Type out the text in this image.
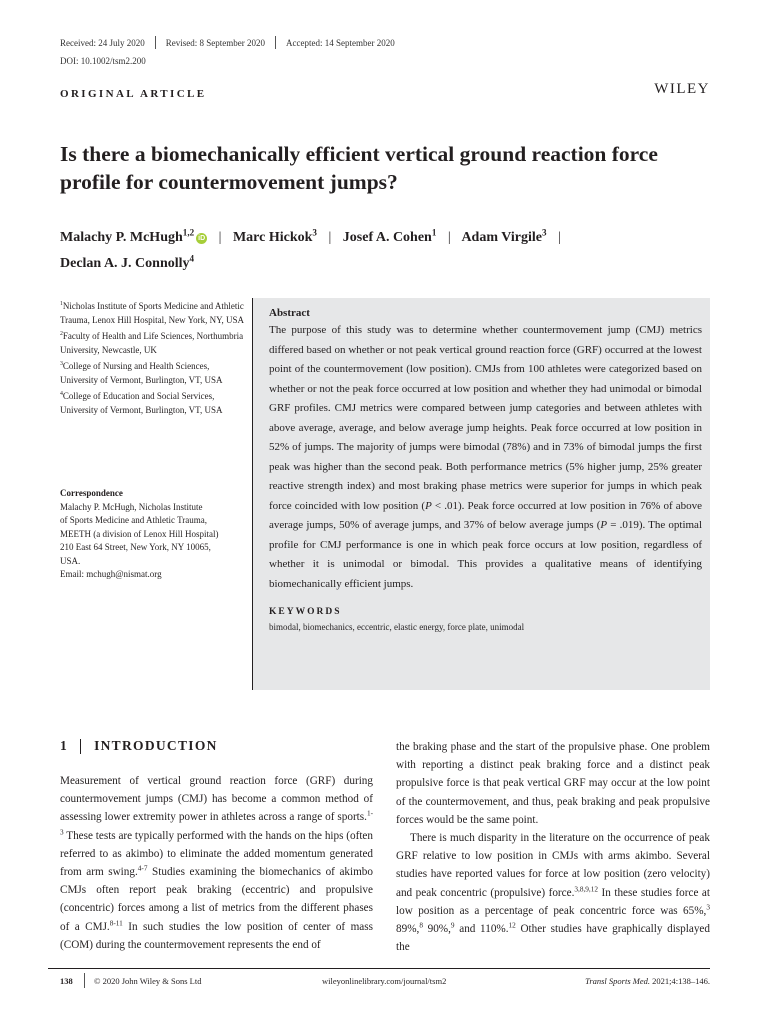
Received: 24 July 2020 Revised: 8 September 2020 Accepted: 14 September 2020
DOI: 10.1002/tsm2.200
ORIGINAL ARTICLE	WILEY
Is there a biomechanically efficient vertical ground reaction force profile for countermovement jumps?
Malachy P. McHugh$^{1,2}$iD | Marc Hickok$^3$ | Josef A. Cohen$^1$ | Adam Virgile$^3$ |
Declan A. J. Connolly$^4$
$^1$Nicholas Institute of Sports Medicine and Athletic Trauma, Lenox Hill Hospital, New York, NY, USA
$^2$Faculty of Health and Life Sciences, Northumbria University, Newcastle, UK
$^3$College of Nursing and Health Sciences, University of Vermont, Burlington, VT, USA
$^4$College of Education and Social Services, University of Vermont, Burlington, VT, USA
Correspondence
Malachy P. McHugh, Nicholas Institute
of Sports Medicine and Athletic Trauma,
MEETH (a division of Lenox Hill Hospital)
210 East 64 Street, New York, NY 10065,
USA.
Email: mchugh@nismat.org
Abstract
The purpose of this study was to determine whether countermovement jump (CMJ) metrics differed based on whether or not peak vertical ground reaction force (GRF) occurred at the lowest point of the countermovement (low position). CMJs from 100 athletes were categorized based on whether or not the peak force occurred at low position and whether they had unimodal or bimodal GRF profiles. CMJ metrics were compared between jump categories and between athletes with above average, average, and below average jump heights. Peak force occurred at low position in 52% of jumps. The majority of jumps were bimodal (78%) and in 73% of bimodal jumps the first peak was higher than the second peak. Both performance metrics (5% higher jump, 25% greater reactive strength index) and most braking phase metrics were superior for jumps in which peak force coincided with low position (P < .01). Peak force occurred at low position in 76% of above average jumps, 50% of average jumps, and 37% of below average jumps (P = .019). The optimal profile for CMJ performance is one in which peak force occurs at low position, regardless of whether it is unimodal or bimodal. This provides a qualitative means of identifying biomechanically efficient jumps.
KEYWORDS
bimodal, biomechanics, eccentric, elastic energy, force plate, unimodal
1 INTRODUCTION

Measurement of vertical ground reaction force (GRF) during countermovement jumps (CMJ) has become a common method of assessing lower extremity power in athletes across a range of sports.$^{1-3}$ These tests are typically performed with the hands on the hips (often referred to as akimbo) to eliminate the added momentum generated from arm swing.$^{4-7}$ Studies examining the biomechanics of akimbo CMJs often report peak braking (eccentric) and propulsive (concentric) forces among a list of metrics from the different phases of a CMJ.$^{8-11}$ In such studies the low position of center of mass (COM) during the countermovement represents the end of

the braking phase and the start of the propulsive phase. One problem with reporting a distinct peak braking force and a distinct peak propulsive force is that peak vertical GRF may occur at the low point of the countermovement, and thus, peak braking and peak propulsive forces would be the same point.

There is much disparity in the literature on the occurrence of peak GRF relative to low position in CMJs with arms akimbo. Several studies have reported values for force at low position (zero velocity) and peak concentric (propulsive) force.$^{3,8,9,12}$ In these studies force at low position as a percentage of peak concentric force was 65%,$^3$ 89%,$^8$ 90%,$^9$ and 110%.$^{12}$ Other studies have graphically displayed the

138	© 2020 John Wiley & Sons Ltd	wileyonlinelibrary.com/journal/tsm2	Transl Sports Med. 2021;4:138–146.
